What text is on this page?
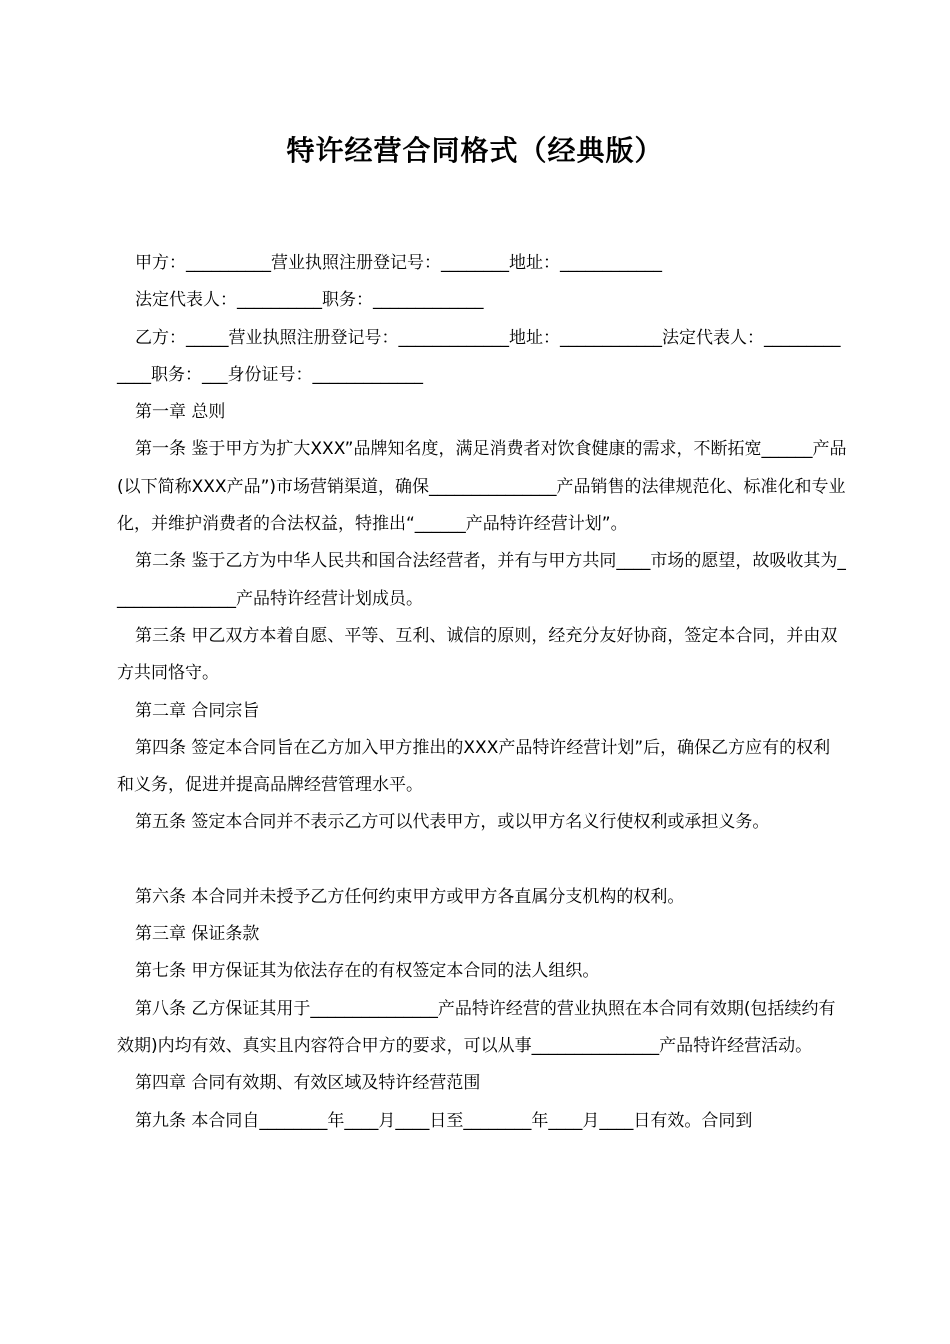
特许经营合同格式（经典版）

甲方：__________营业执照注册登记号：________地址：____________

法定代表人：__________职务：_____________

乙方：_____营业执照注册登记号：_____________地址：____________法定代表人：_____________职务：___身份证号：_____________

第一章 总则

第一条 鉴于甲方为扩大XXX”品牌知名度，满足消费者对饮食健康的需求，不断拓宽______产品(以下简称XXX产品”)市场营销渠道，确保_______________产品销售的法律规范化、标准化和专业化，并维护消费者的合法权益，特推出“______产品特许经营计划”。

第二条 鉴于乙方为中华人民共和国合法经营者，并有与甲方共同____市场的愿望，故吸收其为_______________产品特许经营计划成员。

第三条 甲乙双方本着自愿、平等、互利、诚信的原则，经充分友好协商，签定本合同，并由双方共同恪守。

第二章 合同宗旨

第四条 签定本合同旨在乙方加入甲方推出的XXX产品特许经营计划”后，确保乙方应有的权利和义务，促进并提高品牌经营管理水平。

第五条 签定本合同并不表示乙方可以代表甲方，或以甲方名义行使权利或承担义务。

第六条 本合同并未授予乙方任何约束甲方或甲方各直属分支机构的权利。

第三章 保证条款

第七条 甲方保证其为依法存在的有权签定本合同的法人组织。

第八条 乙方保证其用于_______________产品特许经营的营业执照在本合同有效期(包括续约有效期)内均有效、真实且内容符合甲方的要求，可以从事_______________产品特许经营活动。

第四章 合同有效期、有效区域及特许经营范围

第九条 本合同自________年____月____日至________年____月____日有效。合同到
